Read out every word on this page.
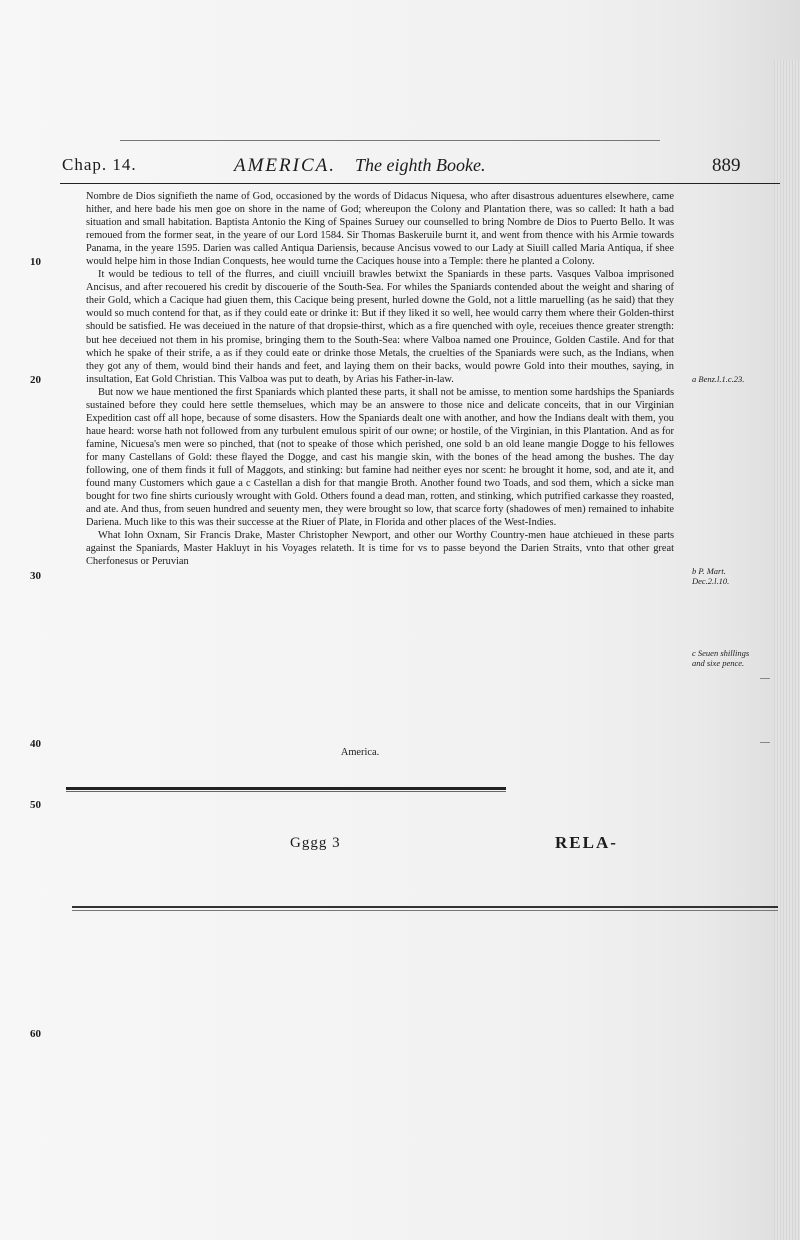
Chap. 14.	AMERICA. The eighth Booke.	889
10
20
30
40
50
60

Nombre de Dios signifieth the name of God, occasioned by the words of Didacus Niquesa, who after disastrous aduentures elsewhere, came hither, and here bade his men goe on shore in the name of God; whereupon the Colony and Plantation there, was so called: It hath a bad situation and small habitation. Baptista Antonio the King of Spaines Suruey our counselled to bring Nombre de Dios to Puerto Bello. It was remoued from the former seat, in the yeare of our Lord 1584. Sir Thomas Baskeruile burnt it, and went from thence with his Armie towards Panama, in the yeare 1595. Darien was called Antiqua Dariensis, because Ancisus vowed to our Lady at Siuill called Maria Antiqua, if shee would helpe him in those Indian Conquests, hee would turne the Caciques house into a Temple: there he planted a Colony.

It would be tedious to tell of the flurres, and ciuill vnciuill brawles betwixt the Spaniards in these parts. Vasques Valboa imprisoned Ancisus, and after recouered his credit by discouerie of the South-Sea. For whiles the Spaniards contended about the weight and sharing of their Gold, which a Cacique had giuen them, this Cacique being present, hurled downe the Gold, not a little maruelling (as he said) that they would so much contend for that, as if they could eate or drinke it: But if they liked it so well, hee would carry them where their Golden-thirst should be satisfied. He was deceiued in the nature of that dropsie-thirst, which as a fire quenched with oyle, receiues thence greater strength: but hee deceiued not them in his promise, bringing them to the South-Sea: where Valboa named one Prouince, Golden Castile. And for that which he spake of their strife, a as if they could eate or drinke those Metals, the cruelties of the Spaniards were such, as the Indians, when they got any of them, would bind their hands and feet, and laying them on their backs, would powre Gold into their mouthes, saying, in insultation, Eat Gold Christian. This Valboa was put to death, by Arias his Father-in-law.

But now we haue mentioned the first Spaniards which planted these parts, it shall not be amisse, to mention some hardships the Spaniards sustained before they could here settle themselues, which may be an answere to those nice and delicate conceits, that in our Virginian Expedition cast off all hope, because of some disasters. How the Spaniards dealt one with another, and how the Indians dealt with them, you haue heard: worse hath not followed from any turbulent emulous spirit of our owne; or hostile, of the Virginian, in this Plantation. And as for famine, Nicuesa's men were so pinched, that (not to speake of those which perished, one sold b an old leane mangie Dogge to his fellowes for many Castellans of Gold: these flayed the Dogge, and cast his mangie skin, with the bones of the head among the bushes. The day following, one of them finds it full of Maggots, and stinking: but famine had neither eyes nor scent: he brought it home, sod, and ate it, and found many Customers which gaue a c Castellan a dish for that mangie Broth. Another found two Toads, and sod them, which a sicke man bought for two fine shirts curiously wrought with Gold. Others found a dead man, rotten, and stinking, which putrified carkasse they roasted, and ate. And thus, from seuen hundred and seuenty men, they were brought so low, that scarce forty (shadowes of men) remained to inhabite Dariena. Much like to this was their successe at the Riuer of Plate, in Florida and other places of the West-Indies.

What Iohn Oxnam, Sir Francis Drake, Master Christopher Newport, and other our Worthy Country-men haue atchieued in these parts against the Spaniards, Master Hakluyt in his Voyages relateth. It is time for vs to passe beyond the Darien Straits, vnto that other great Cherfonesus or Peruvian

America.
a Benz.l.1.c.23.
b P. Mart. Dec.2.l.10.
c Seuen shillings and sixe pence.
Gggg 3	RELA-
